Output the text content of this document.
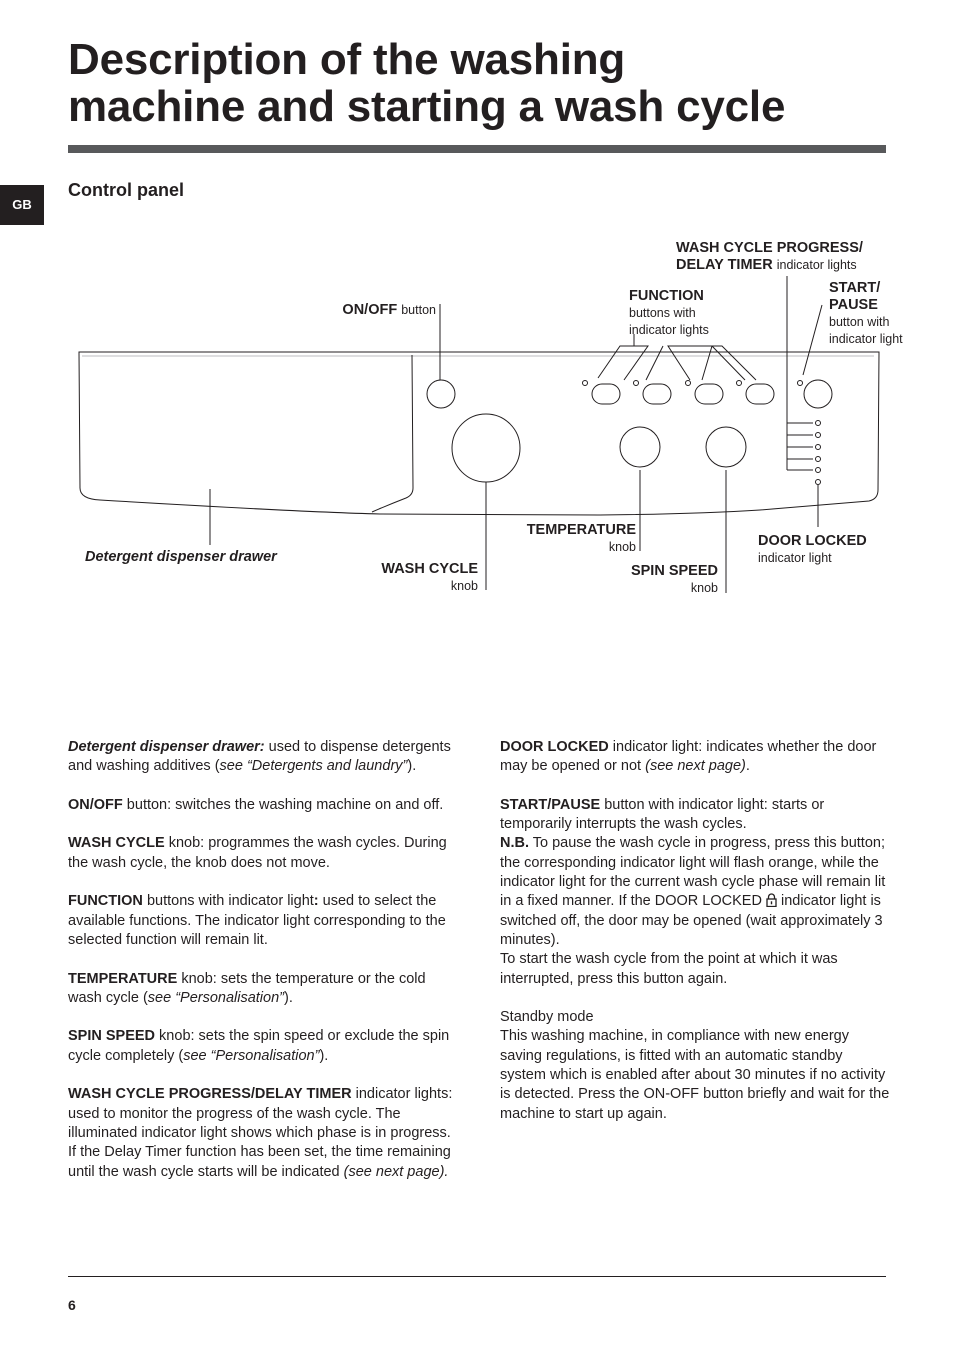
Description of the washing
machine and starting a wash cycle
GB
Control panel
WASH CYCLE PROGRESS/
DELAY TIMER indicator lights
START/
PAUSE
button with
indicator light
FUNCTION
buttons with
indicator lights
ON/OFF button
TEMPERATURE
knob	DOOR LOCKED
indicator light
Detergent dispenser drawer
WASH CYCLE
knob
SPIN SPEED
knob

Detergent dispenser drawer: used to dispense detergents and washing additives (see “Detergents and laundry”).

ON/OFF button: switches the washing machine on and off.

WASH CYCLE knob: programmes the wash cycles. During the wash cycle, the knob does not move.

FUNCTION buttons with indicator light: used to select the available functions. The indicator light corresponding to the selected function will remain lit.

TEMPERATURE knob: sets the temperature or the cold wash cycle (see “Personalisation”).

SPIN SPEED knob: sets the spin speed or exclude the spin cycle completely (see “Personalisation”).

WASH CYCLE PROGRESS/DELAY TIMER indicator lights: used to monitor the progress of the wash cycle. The illuminated indicator light shows which phase is in progress.

If the Delay Timer function has been set, the time remaining until the wash cycle starts will be indicated (see next page).

DOOR LOCKED indicator light: indicates whether the door may be opened or not (see next page).

START/PAUSE button with indicator light: starts or temporarily interrupts the wash cycles.

N.B. To pause the wash cycle in progress, press this button; the corresponding indicator light will flash orange, while the indicator light for the current wash cycle phase will remain lit in a fixed manner. If the DOOR LOCKED  indicator light is switched off, the door may be opened (wait approximately 3 minutes).

To start the wash cycle from the point at which it was interrupted, press this button again.

Standby mode

This washing machine, in compliance with new energy saving regulations, is fitted with an automatic standby system which is enabled after about 30 minutes if no activity is detected. Press the ON-OFF button briefly and wait for the machine to start up again.

6
